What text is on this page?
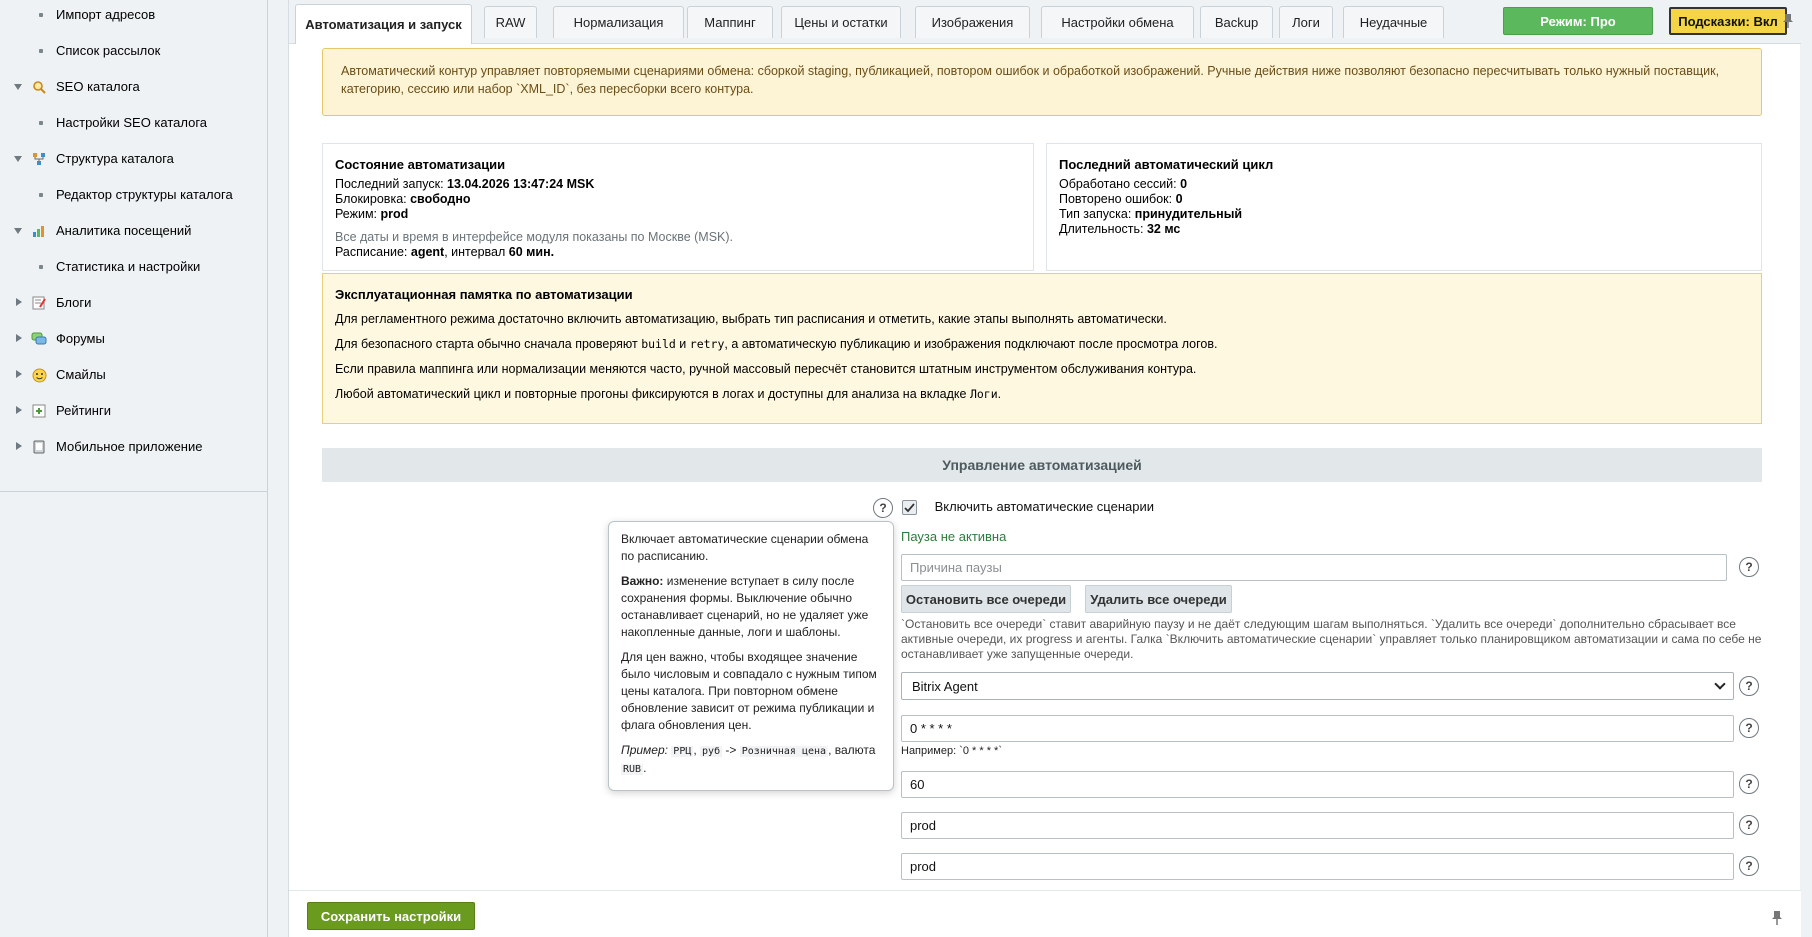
Импорт адресов
Список рассылок
SEO каталога
Настройки SEO каталога
Структура каталога
Редактор структуры каталога
Аналитика посещений
Статистика и настройки
Блоги
Форумы
Смайлы
Рейтинги
Мобильное приложение
Автоматизация и запуск	RAW	Нормализация	Маппинг	Цены и остатки	Изображения	Настройки обмена	Backup	Логи	Неудачные	Режим: Про	Подсказки: Вкл
Автоматический контур управляет повторяемыми сценариями обмена: сборкой staging, публикацией, повтором ошибок и обработкой изображений. Ручные действия ниже позволяют безопасно пересчитывать только нужный поставщик, категорию, сессию или набор `XML_ID`, без пересборки всего контура.
Состояние автоматизации
Последний запуск: 13.04.2026 13:47:24 MSK
Блокировка: свободно
Режим: prod
Все даты и время в интерфейсе модуля показаны по Москве (MSK).
Расписание: agent, интервал 60 мин.
Последний автоматический цикл
Обработано сессий: 0
Повторено ошибок: 0
Тип запуска: принудительный
Длительность: 32 мс
Эксплуатационная памятка по автоматизации

Для регламентного режима достаточно включить автоматизацию, выбрать тип расписания и отметить, какие этапы выполнять автоматически.

Для безопасного старта обычно сначала проверяют build и retry, а автоматическую публикацию и изображения подключают после просмотра логов.

Если правила маппинга или нормализации меняются часто, ручной массовый пересчёт становится штатным инструментом обслуживания контура.

Любой автоматический цикл и повторные прогоны фиксируются в логах и доступны для анализа на вкладке Логи.

Управление автоматизацией
Включить автоматические сценарии
?
Пауза не активна
Причина паузы
?
Остановить все очереди	Удалить все очереди
`Остановить все очереди` ставит аварийную паузу и не даёт следующим шагам выполняться. `Удалить все очереди` дополнительно сбрасывает все активные очереди, их progress и агенты. Галка `Включить автоматические сценарии` управляет только планировщиком автоматизации и сама по себе не останавливает уже запущенные очереди.
Bitrix Agent	?
0 * * * *
?
Например: `0 * * * *`
60
?
prod
?
prod
?

Включает автоматические сценарии обмена по расписанию.

Важно: изменение вступает в силу после сохранения формы. Выключение обычно останавливает сценарий, но не удаляет уже накопленные данные, логи и шаблоны.

Для цен важно, чтобы входящее значение было числовым и совпадало с нужным типом цены каталога. При повторном обмене обновление зависит от режима публикации и флага обновления цен.

Пример: РРЦ , руб -> Розничная цена , валюта RUB .

Сохранить настройки
